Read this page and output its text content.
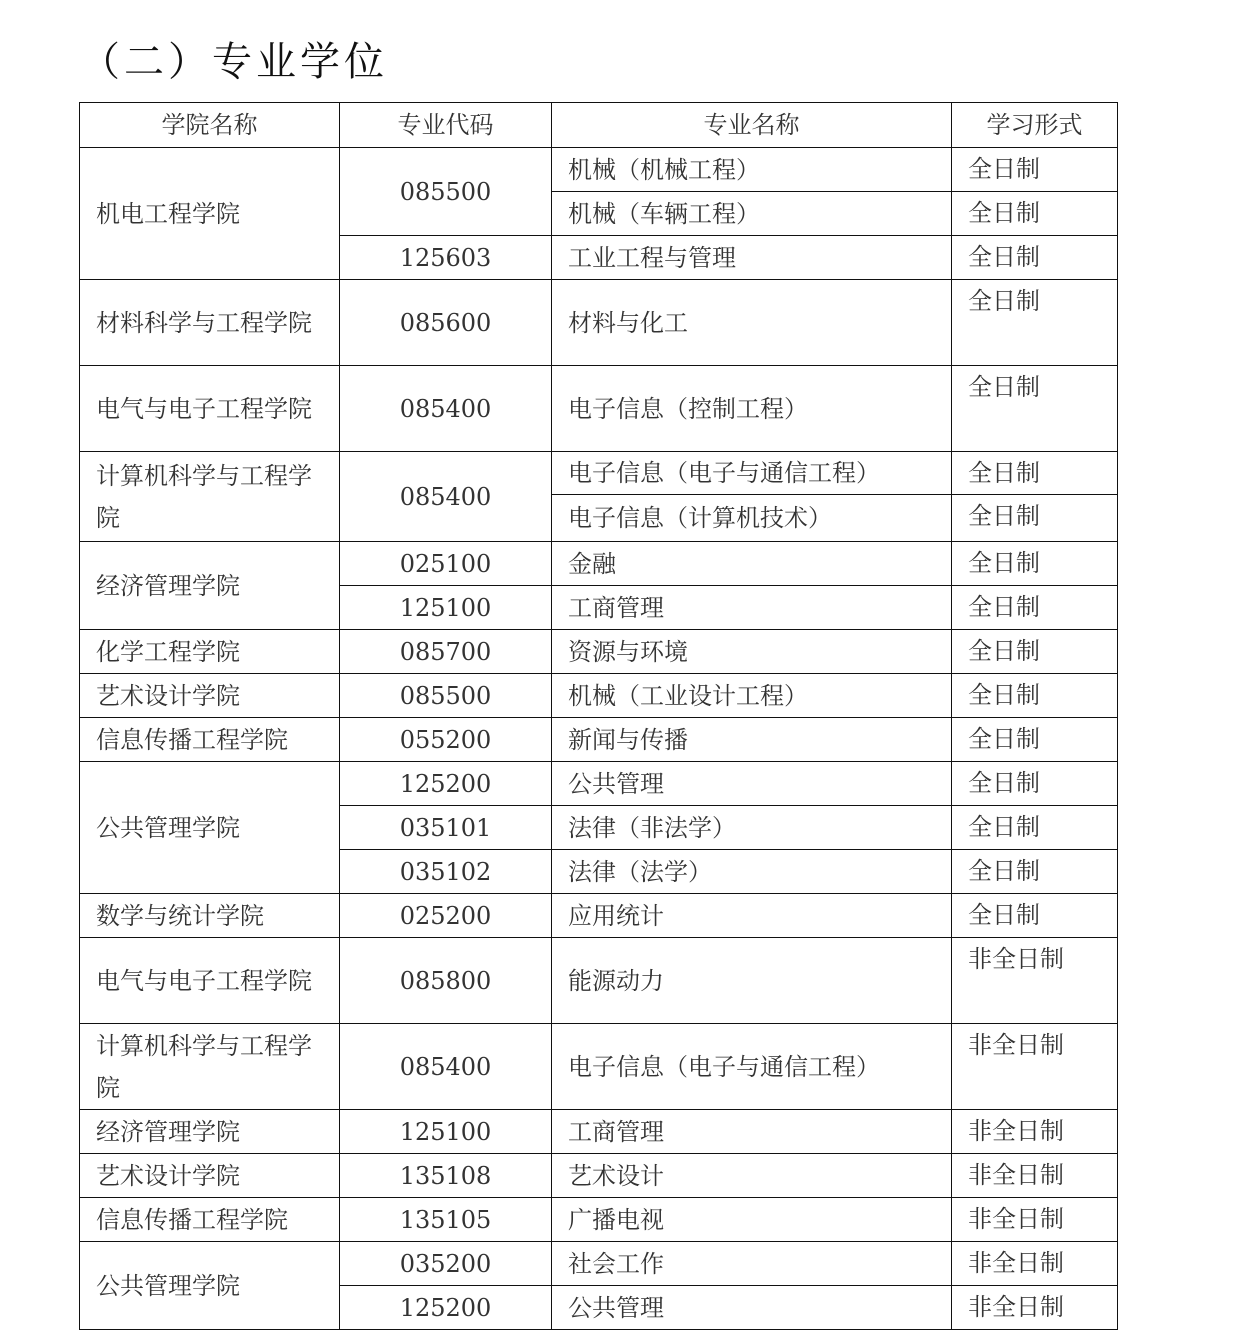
（二）专业学位
学院名称	专业代码	专业名称	学习形式
机电工程学院	085500	机械（机械工程）	全日制
		机械（车辆工程）	全日制
	125603	工业工程与管理	全日制
材料科学与工程学院	085600	材料与化工	全日制
电气与电子工程学院	085400	电子信息（控制工程）	全日制
计算机科学与工程学院	085400	电子信息（电子与通信工程）	全日制
		电子信息（计算机技术）	全日制
经济管理学院	025100	金融	全日制
	125100	工商管理	全日制
化学工程学院	085700	资源与环境	全日制
艺术设计学院	085500	机械（工业设计工程）	全日制
信息传播工程学院	055200	新闻与传播	全日制
公共管理学院	125200	公共管理	全日制
	035101	法律（非法学）	全日制
	035102	法律（法学）	全日制
数学与统计学院	025200	应用统计	全日制
电气与电子工程学院	085800	能源动力	非全日制
计算机科学与工程学院	085400	电子信息（电子与通信工程）	非全日制
经济管理学院	125100	工商管理	非全日制
艺术设计学院	135108	艺术设计	非全日制
信息传播工程学院	135105	广播电视	非全日制
公共管理学院	035200	社会工作	非全日制
	125200	公共管理	非全日制
